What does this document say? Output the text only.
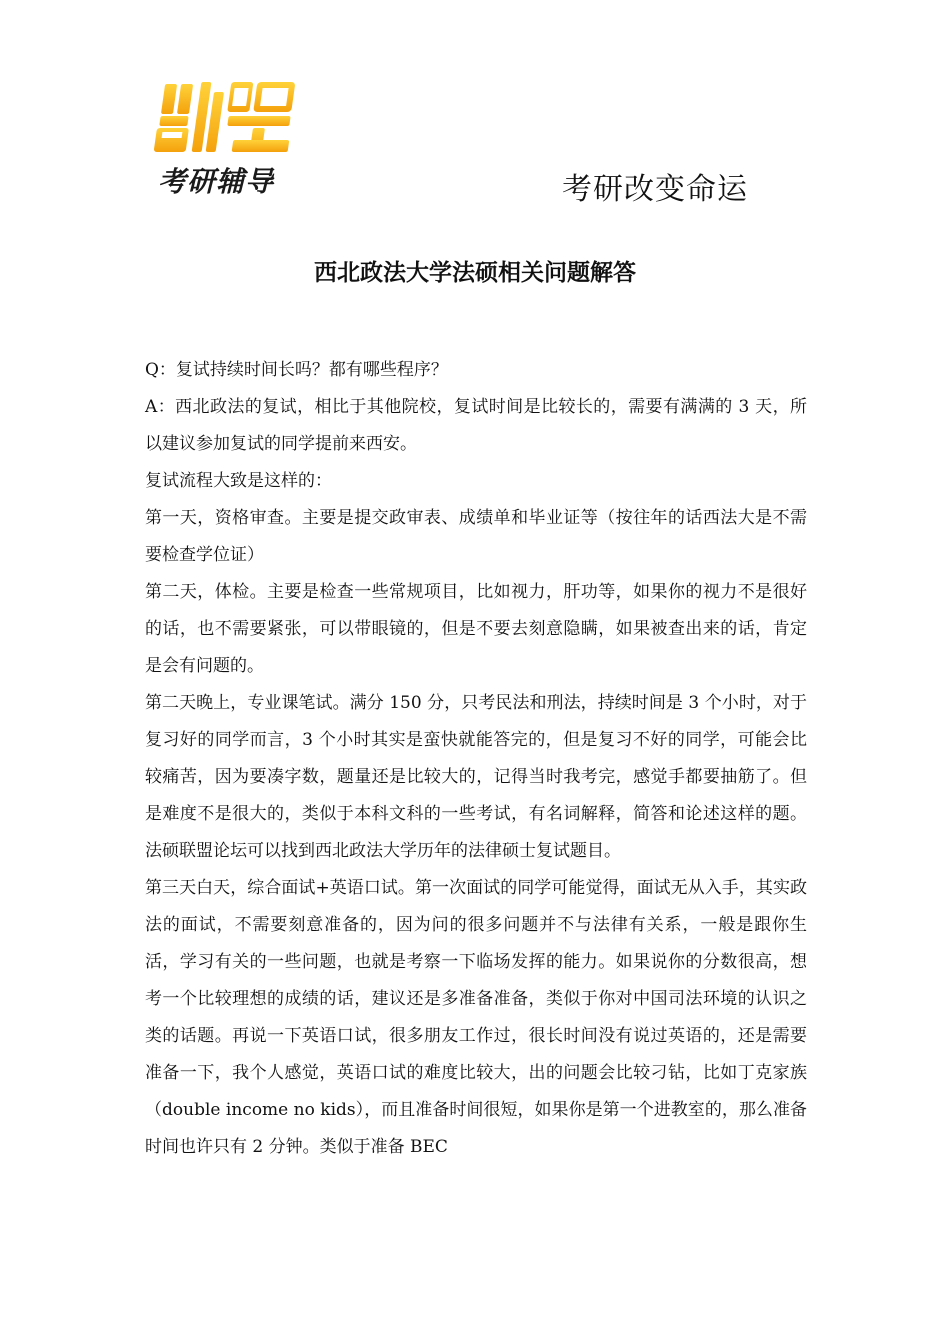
考研辅导	考研改变命运
西北政法大学法硕相关问题解答

Q：复试持续时间长吗？都有哪些程序？

A：西北政法的复试，相比于其他院校，复试时间是比较长的，需要有满满的 3 天，所以建议参加复试的同学提前来西安。

复试流程大致是这样的：

第一天，资格审查。主要是提交政审表、成绩单和毕业证等（按往年的话西法大是不需要检查学位证）

第二天，体检。主要是检查一些常规项目，比如视力，肝功等，如果你的视力不是很好的话，也不需要紧张，可以带眼镜的，但是不要去刻意隐瞒，如果被查出来的话，肯定是会有问题的。

第二天晚上，专业课笔试。满分 150 分，只考民法和刑法，持续时间是 3 个小时，对于复习好的同学而言，3 个小时其实是蛮快就能答完的，但是复习不好的同学，可能会比较痛苦，因为要凑字数，题量还是比较大的，记得当时我考完，感觉手都要抽筋了。但是难度不是很大的，类似于本科文科的一些考试，有名词解释，简答和论述这样的题。法硕联盟论坛可以找到西北政法大学历年的法律硕士复试题目。

第三天白天，综合面试+英语口试。第一次面试的同学可能觉得，面试无从入手，其实政法的面试，不需要刻意准备的，因为问的很多问题并不与法律有关系，一般是跟你生活，学习有关的一些问题，也就是考察一下临场发挥的能力。如果说你的分数很高，想考一个比较理想的成绩的话，建议还是多准备准备，类似于你对中国司法环境的认识之类的话题。再说一下英语口试，很多朋友工作过，很长时间没有说过英语的，还是需要准备一下，我个人感觉，英语口试的难度比较大，出的问题会比较刁钻，比如丁克家族（double income no kids），而且准备时间很短，如果你是第一个进教室的，那么准备时间也许只有 2 分钟。类似于准备 BEC
